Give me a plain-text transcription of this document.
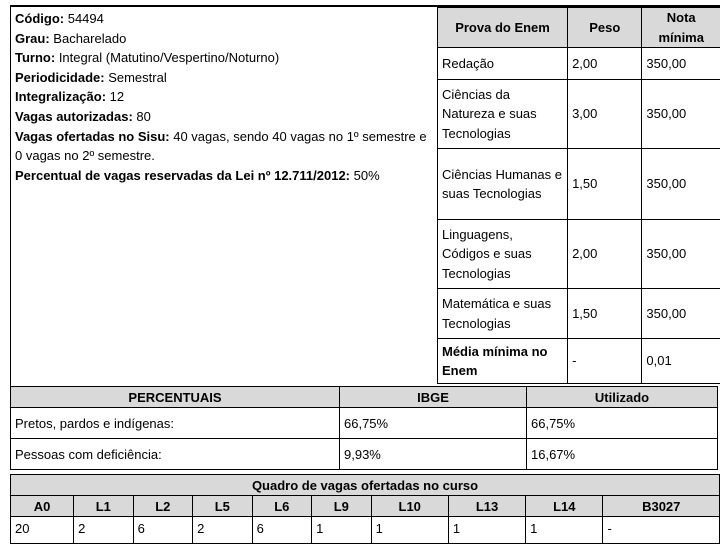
Código: 54494
Grau: Bacharelado
Turno: Integral (Matutino/Vespertino/Noturno)
Periodicidade: Semestral
Integralização: 12
Vagas autorizadas: 80
Vagas ofertadas no Sisu: 40 vagas, sendo 40 vagas no 1º semestre e 0 vagas no 2º semestre.
Percentual de vagas reservadas da Lei nº 12.711/2012: 50%
Prova do Enem	Peso	Nota mínima
Redação	2,00	350,00
Ciências da Natureza e suas Tecnologias	3,00	350,00
Ciências Humanas e suas Tecnologias	1,50	350,00
Linguagens, Códigos e suas Tecnologias	2,00	350,00
Matemática e suas Tecnologias	1,50	350,00
Média mínima no Enem	-	0,01
PERCENTUAIS	IBGE	Utilizado
Pretos, pardos e indígenas:	66,75%	66,75%
Pessoas com deficiência:	9,93%	16,67%
Quadro de vagas ofertadas no curso									
A0	L1	L2	L5	L6	L9	L10	L13	L14	B3027
20	2	6	2	6	1	1	1	1	-
